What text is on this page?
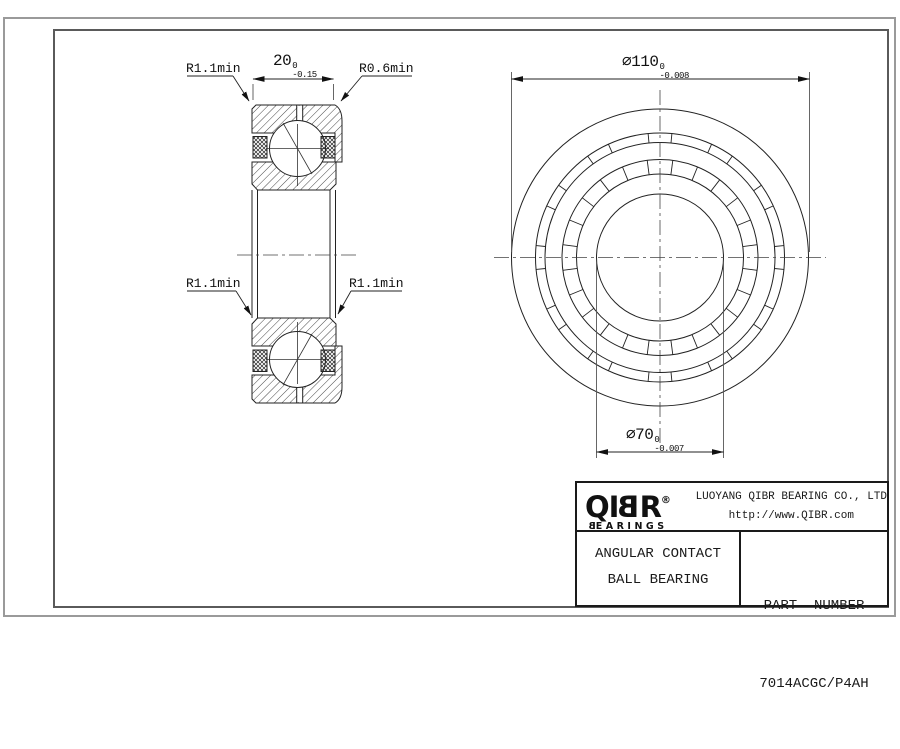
R1.1min	R0.6min
R1.1min	R1.1min
20 0
-0.15
⌀110 0
-0.008
⌀70 0
-0.007
QIBR®
BEARINGS
LUOYANG QIBR BEARING CO., LTD
http://www.QIBR.com
ANGULAR CONTACT
BALL BEARING

PART  NUMBER

7014ACGC/P4AH
